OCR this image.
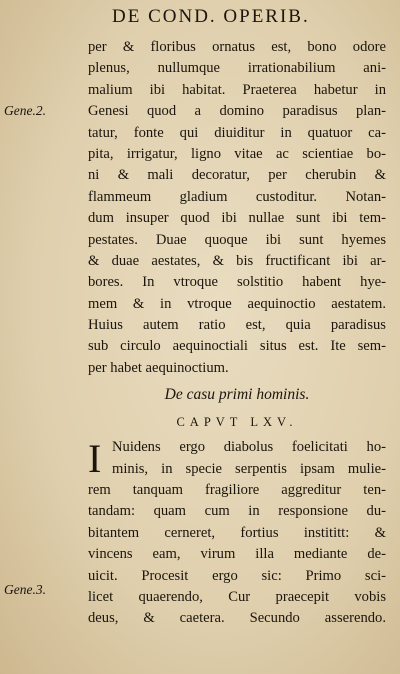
DE COND. OPERIB.
Gene.2.
Gene.3.
per & floribus ornatus est, bono odore
plenus, nullumque irrationabilium ani-
malium ibi habitat. Praeterea habetur in
Genesi quod a domino paradisus plan-
tatur, fonte qui diuiditur in quatuor ca-
pita, irrigatur, ligno vitae ac scientiae bo-
ni & mali decoratur, per cherubin &
flammeum gladium custoditur. Notan-
dum insuper quod ibi nullae sunt ibi tem-
pestates. Duae quoque ibi sunt hyemes
& duae aestates, & bis fructificant ibi ar-
bores. In vtroque solstitio habent hye-
mem & in vtroque aequinoctio aestatem.
Huius autem ratio est, quia paradisus
sub circulo aequinoctiali situs est. Ite sem-
per habet aequinoctium.
De casu primi hominis.
CAPVT LXV.
I Nuidens ergo diabolus foelicitati ho-
minis, in specie serpentis ipsam mulie-
rem tanquam fragiliore aggreditur ten-
tandam: quam cum in responsione du-
bitantem cerneret, fortius instititt: &
vincens eam, virum illa mediante de-
uicit. Procesit ergo sic: Primo sci-
licet quaerendo, Cur praecepit vobis
deus, & caetera. Secundo asserendo.
